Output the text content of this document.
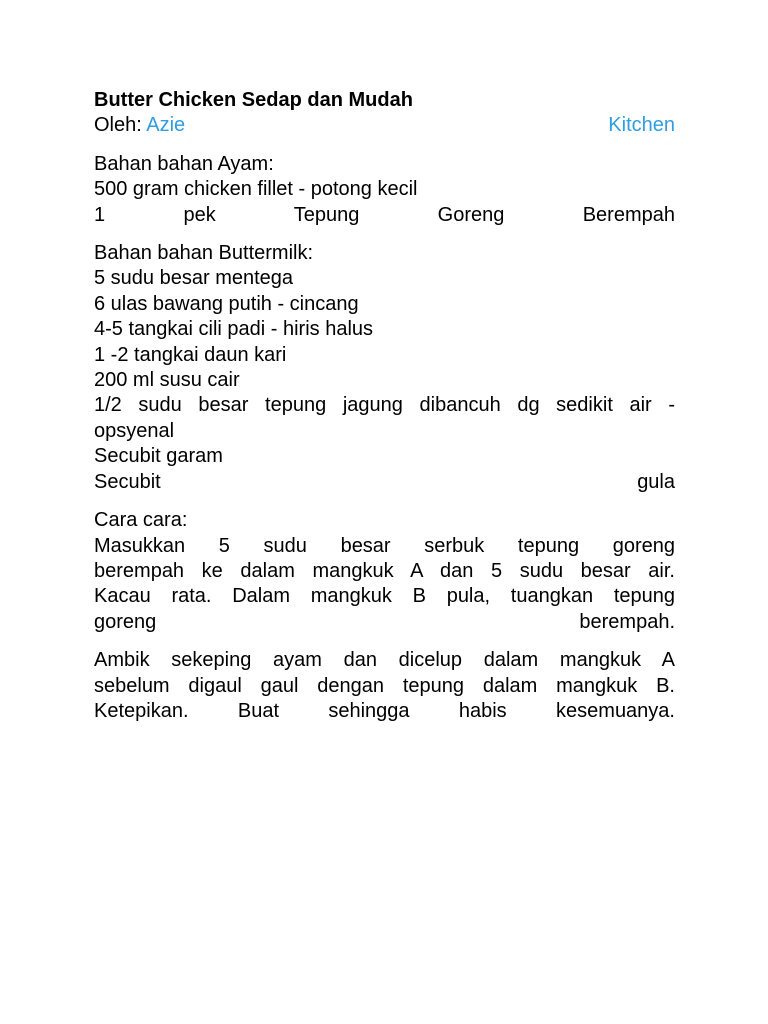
Butter Chicken Sedap dan Mudah
Oleh: Azie	Kitchen
Bahan bahan Ayam:
500 gram chicken fillet - potong kecil
1 pek Tepung Goreng Berempah
Bahan bahan Buttermilk:
5 sudu besar mentega
6 ulas bawang putih - cincang
4-5 tangkai cili padi - hiris halus
1 -2 tangkai daun kari
200 ml susu cair
1/2 sudu besar tepung jagung dibancuh dg sedikit air -
opsyenal
Secubit garam
Secubit gula
Cara cara:
Masukkan 5 sudu besar serbuk tepung goreng
berempah ke dalam mangkuk A dan 5 sudu besar air.
Kacau rata. Dalam mangkuk B pula, tuangkan tepung
goreng berempah.
Ambik sekeping ayam dan dicelup dalam mangkuk A
sebelum digaul gaul dengan tepung dalam mangkuk B.
Ketepikan. Buat sehingga habis kesemuanya.
